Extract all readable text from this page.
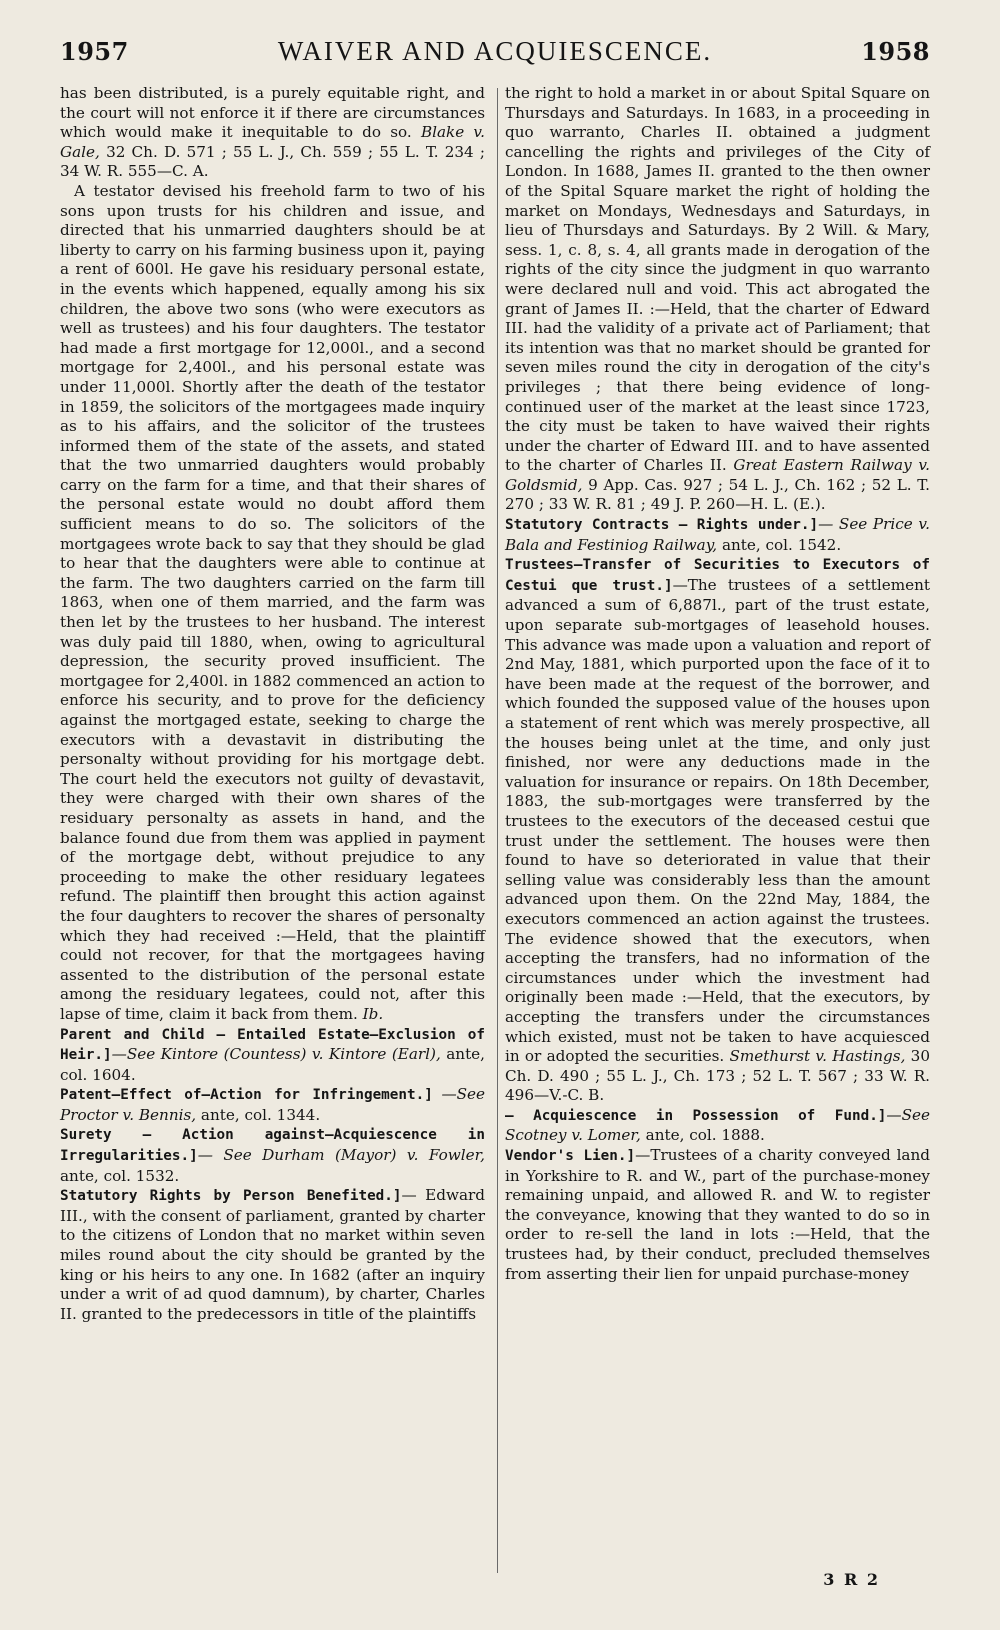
1957	WAIVER AND ACQUIESCENCE.	1958

has been distributed, is a purely equitable right, and the court will not enforce it if there are circumstances which would make it inequitable to do so. Blake v. Gale, 32 Ch. D. 571 ; 55 L. J., Ch. 559 ; 55 L. T. 234 ; 34 W. R. 555—C. A.

A testator devised his freehold farm to two of his sons upon trusts for his children and issue, and directed that his unmarried daughters should be at liberty to carry on his farming business upon it, paying a rent of 600l. He gave his residuary personal estate, in the events which happened, equally among his six children, the above two sons (who were executors as well as trustees) and his four daughters. The testator had made a first mortgage for 12,000l., and a second mortgage for 2,400l., and his personal estate was under 11,000l. Shortly after the death of the testator in 1859, the solicitors of the mortgagees made inquiry as to his affairs, and the solicitor of the trustees informed them of the state of the assets, and stated that the two unmarried daughters would probably carry on the farm for a time, and that their shares of the personal estate would no doubt afford them sufficient means to do so. The solicitors of the mortgagees wrote back to say that they should be glad to hear that the daughters were able to continue at the farm. The two daughters carried on the farm till 1863, when one of them married, and the farm was then let by the trustees to her husband. The interest was duly paid till 1880, when, owing to agricultural depression, the security proved insufficient. The mortgagee for 2,400l. in 1882 commenced an action to enforce his security, and to prove for the deficiency against the mortgaged estate, seeking to charge the executors with a devastavit in distributing the personalty without providing for his mortgage debt. The court held the executors not guilty of devastavit, they were charged with their own shares of the residuary personalty as assets in hand, and the balance found due from them was applied in payment of the mortgage debt, without prejudice to any proceeding to make the other residuary legatees refund. The plaintiff then brought this action against the four daughters to recover the shares of personalty which they had received :—Held, that the plaintiff could not recover, for that the mortgagees having assented to the distribution of the personal estate among the residuary legatees, could not, after this lapse of time, claim it back from them. Ib.

Parent and Child — Entailed Estate—Exclusion of Heir.]—See Kintore (Countess) v. Kintore (Earl), ante, col. 1604.

Patent—Effect of—Action for Infringement.] —See Proctor v. Bennis, ante, col. 1344.

Surety — Action against—Acquiescence in Irregularities.]— See Durham (Mayor) v. Fowler, ante, col. 1532.

Statutory Rights by Person Benefited.]— Edward III., with the consent of parliament, granted by charter to the citizens of London that no market within seven miles round about the city should be granted by the king or his heirs to any one. In 1682 (after an inquiry under a writ of ad quod damnum), by charter, Charles II. granted to the predecessors in title of the plaintiffs

the right to hold a market in or about Spital Square on Thursdays and Saturdays. In 1683, in a proceeding in quo warranto, Charles II. obtained a judgment cancelling the rights and privileges of the City of London. In 1688, James II. granted to the then owner of the Spital Square market the right of holding the market on Mondays, Wednesdays and Saturdays, in lieu of Thursdays and Saturdays. By 2 Will. & Mary, sess. 1, c. 8, s. 4, all grants made in derogation of the rights of the city since the judgment in quo warranto were declared null and void. This act abrogated the grant of James II. :—Held, that the charter of Edward III. had the validity of a private act of Parliament; that its intention was that no market should be granted for seven miles round the city in derogation of the city's privileges ; that there being evidence of long-continued user of the market at the least since 1723, the city must be taken to have waived their rights under the charter of Edward III. and to have assented to the charter of Charles II. Great Eastern Railway v. Goldsmid, 9 App. Cas. 927 ; 54 L. J., Ch. 162 ; 52 L. T. 270 ; 33 W. R. 81 ; 49 J. P. 260—H. L. (E.).

Statutory Contracts — Rights under.]— See Price v. Bala and Festiniog Railway, ante, col. 1542.

Trustees—Transfer of Securities to Executors of Cestui que trust.]—The trustees of a settlement advanced a sum of 6,887l., part of the trust estate, upon separate sub-mortgages of leasehold houses. This advance was made upon a valuation and report of 2nd May, 1881, which purported upon the face of it to have been made at the request of the borrower, and which founded the supposed value of the houses upon a statement of rent which was merely prospective, all the houses being unlet at the time, and only just finished, nor were any deductions made in the valuation for insurance or repairs. On 18th December, 1883, the sub-mortgages were transferred by the trustees to the executors of the deceased cestui que trust under the settlement. The houses were then found to have so deteriorated in value that their selling value was considerably less than the amount advanced upon them. On the 22nd May, 1884, the executors commenced an action against the trustees. The evidence showed that the executors, when accepting the transfers, had no information of the circumstances under which the investment had originally been made :—Held, that the executors, by accepting the transfers under the circumstances which existed, must not be taken to have acquiesced in or adopted the securities. Smethurst v. Hastings, 30 Ch. D. 490 ; 55 L. J., Ch. 173 ; 52 L. T. 567 ; 33 W. R. 496—V.-C. B.

— Acquiescence in Possession of Fund.]—See Scotney v. Lomer, ante, col. 1888.

Vendor's Lien.]—Trustees of a charity conveyed land in Yorkshire to R. and W., part of the purchase-money remaining unpaid, and allowed R. and W. to register the conveyance, knowing that they wanted to do so in order to re-sell the land in lots :—Held, that the trustees had, by their conduct, precluded themselves from asserting their lien for unpaid purchase-money

3 R 2
